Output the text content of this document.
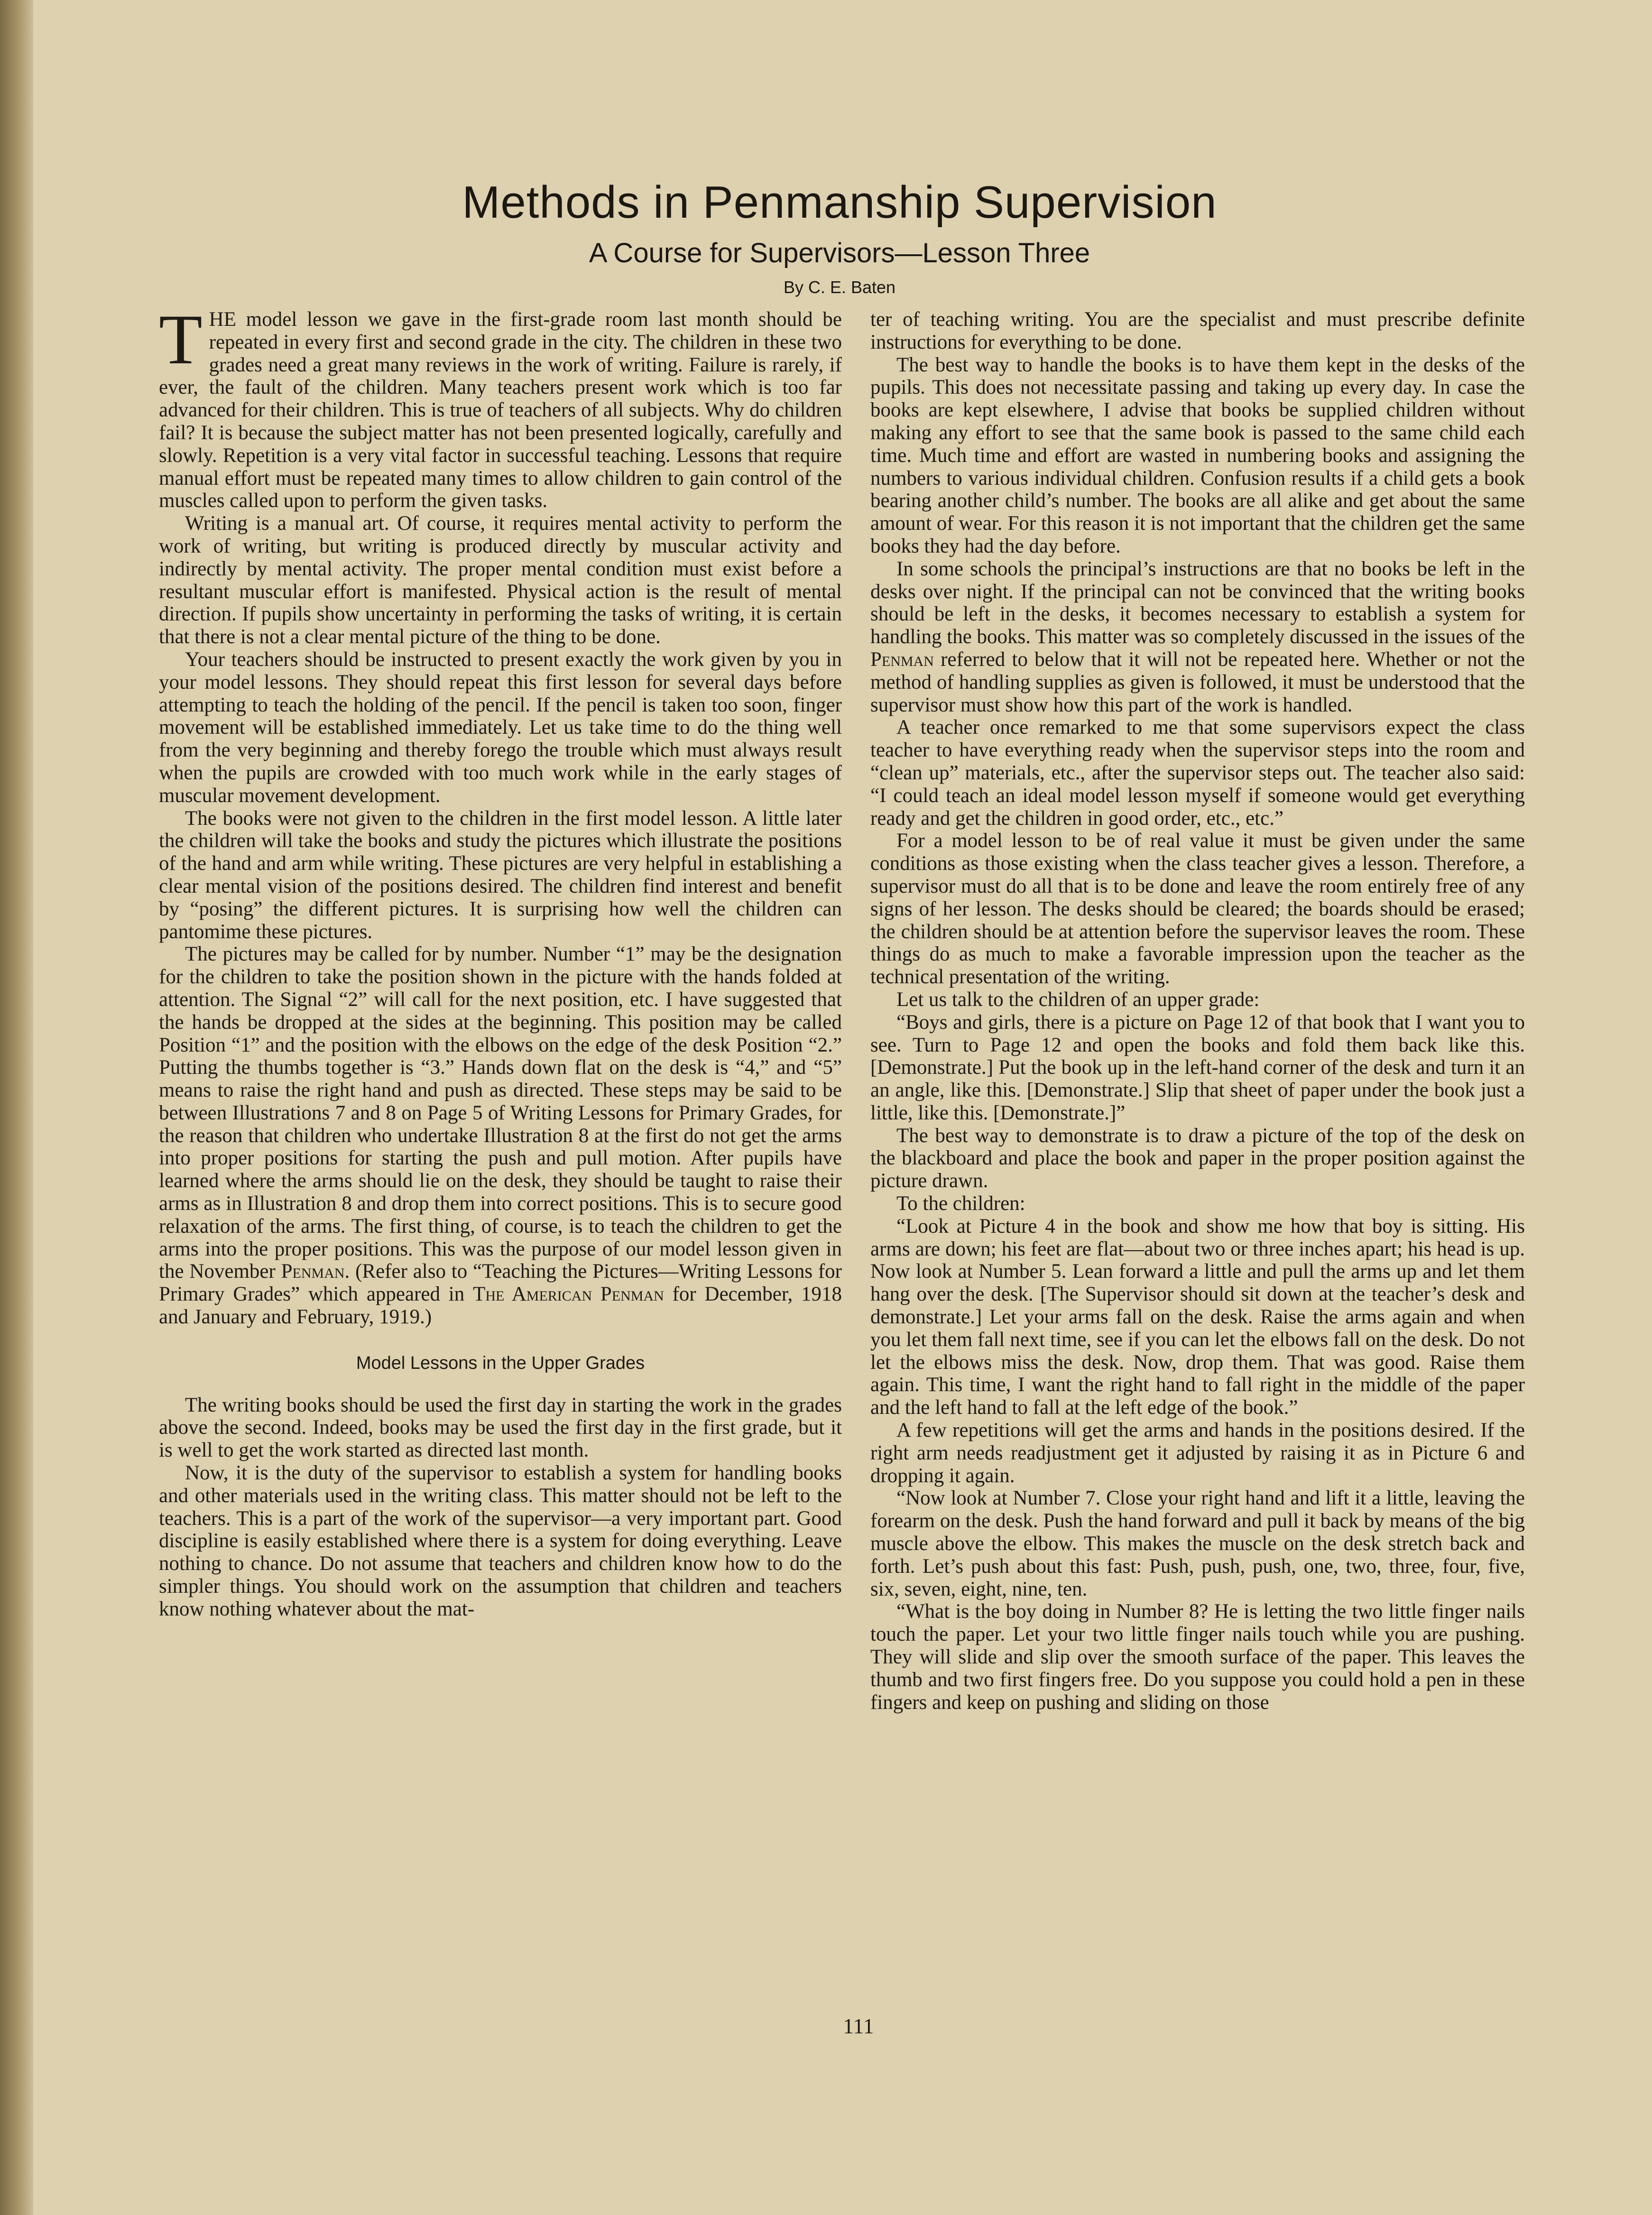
Methods in Penmanship Supervision

A Course for Supervisors—Lesson Three

By C. E. Baten

THE model lesson we gave in the first-grade room last month should be repeated in every first and second grade in the city. The children in these two grades need a great many reviews in the work of writing. Failure is rarely, if ever, the fault of the children. Many teachers present work which is too far advanced for their children. This is true of teachers of all subjects. Why do children fail? It is because the subject matter has not been presented logically, carefully and slowly. Repetition is a very vital factor in successful teaching. Lessons that require manual effort must be repeated many times to allow children to gain control of the muscles called upon to perform the given tasks.

Writing is a manual art. Of course, it requires mental activity to perform the work of writing, but writing is produced directly by muscular activity and indirectly by mental activity. The proper mental condition must exist before a resultant muscular effort is manifested. Physical action is the result of mental direction. If pupils show uncertainty in performing the tasks of writing, it is certain that there is not a clear mental picture of the thing to be done.

Your teachers should be instructed to present exactly the work given by you in your model lessons. They should repeat this first lesson for several days before attempting to teach the holding of the pencil. If the pencil is taken too soon, finger movement will be established immediately. Let us take time to do the thing well from the very beginning and thereby forego the trouble which must always result when the pupils are crowded with too much work while in the early stages of muscular movement development.

The books were not given to the children in the first model lesson. A little later the children will take the books and study the pictures which illustrate the positions of the hand and arm while writing. These pictures are very helpful in establishing a clear mental vision of the positions desired. The children find interest and benefit by “posing” the different pictures. It is surprising how well the children can pantomime these pictures.

The pictures may be called for by number. Number “1” may be the designation for the children to take the position shown in the picture with the hands folded at attention. The Signal “2” will call for the next position, etc. I have suggested that the hands be dropped at the sides at the beginning. This position may be called Position “1” and the position with the elbows on the edge of the desk Position “2.” Putting the thumbs together is “3.” Hands down flat on the desk is “4,” and “5” means to raise the right hand and push as directed. These steps may be said to be between Illustrations 7 and 8 on Page 5 of Writing Lessons for Primary Grades, for the reason that children who undertake Illustration 8 at the first do not get the arms into proper positions for starting the push and pull motion. After pupils have learned where the arms should lie on the desk, they should be taught to raise their arms as in Illustration 8 and drop them into correct positions. This is to secure good relaxation of the arms. The first thing, of course, is to teach the children to get the arms into the proper positions. This was the purpose of our model lesson given in the November Penman. (Refer also to “Teaching the Pictures—Writing Lessons for Primary Grades” which appeared in The American Penman for December, 1918 and January and February, 1919.)

Model Lessons in the Upper Grades

The writing books should be used the first day in starting the work in the grades above the second. Indeed, books may be used the first day in the first grade, but it is well to get the work started as directed last month.

Now, it is the duty of the supervisor to establish a system for handling books and other materials used in the writing class. This matter should not be left to the teachers. This is a part of the work of the supervisor—a very important part. Good discipline is easily established where there is a system for doing everything. Leave nothing to chance. Do not assume that teachers and children know how to do the simpler things. You should work on the assumption that children and teachers know nothing whatever about the mat-

ter of teaching writing. You are the specialist and must prescribe definite instructions for everything to be done.

The best way to handle the books is to have them kept in the desks of the pupils. This does not necessitate passing and taking up every day. In case the books are kept elsewhere, I advise that books be supplied children without making any effort to see that the same book is passed to the same child each time. Much time and effort are wasted in numbering books and assigning the numbers to various individual children. Confusion results if a child gets a book bearing another child’s number. The books are all alike and get about the same amount of wear. For this reason it is not important that the children get the same books they had the day before.

In some schools the principal’s instructions are that no books be left in the desks over night. If the principal can not be convinced that the writing books should be left in the desks, it becomes necessary to establish a system for handling the books. This matter was so completely discussed in the issues of the Penman referred to below that it will not be repeated here. Whether or not the method of handling supplies as given is followed, it must be understood that the supervisor must show how this part of the work is handled.

A teacher once remarked to me that some supervisors expect the class teacher to have everything ready when the supervisor steps into the room and “clean up” materials, etc., after the supervisor steps out. The teacher also said: “I could teach an ideal model lesson myself if someone would get everything ready and get the children in good order, etc., etc.”

For a model lesson to be of real value it must be given under the same conditions as those existing when the class teacher gives a lesson. Therefore, a supervisor must do all that is to be done and leave the room entirely free of any signs of her lesson. The desks should be cleared; the boards should be erased; the children should be at attention before the supervisor leaves the room. These things do as much to make a favorable impression upon the teacher as the technical presentation of the writing.

Let us talk to the children of an upper grade:

“Boys and girls, there is a picture on Page 12 of that book that I want you to see. Turn to Page 12 and open the books and fold them back like this. [Demonstrate.] Put the book up in the left-hand corner of the desk and turn it an an angle, like this. [Demonstrate.] Slip that sheet of paper under the book just a little, like this. [Demonstrate.]”

The best way to demonstrate is to draw a picture of the top of the desk on the blackboard and place the book and paper in the proper position against the picture drawn.

To the children:

“Look at Picture 4 in the book and show me how that boy is sitting. His arms are down; his feet are flat—about two or three inches apart; his head is up. Now look at Number 5. Lean forward a little and pull the arms up and let them hang over the desk. [The Supervisor should sit down at the teacher’s desk and demonstrate.] Let your arms fall on the desk. Raise the arms again and when you let them fall next time, see if you can let the elbows fall on the desk. Do not let the elbows miss the desk. Now, drop them. That was good. Raise them again. This time, I want the right hand to fall right in the middle of the paper and the left hand to fall at the left edge of the book.”

A few repetitions will get the arms and hands in the positions desired. If the right arm needs readjustment get it adjusted by raising it as in Picture 6 and dropping it again.

“Now look at Number 7. Close your right hand and lift it a little, leaving the forearm on the desk. Push the hand forward and pull it back by means of the big muscle above the elbow. This makes the muscle on the desk stretch back and forth. Let’s push about this fast: Push, push, push, one, two, three, four, five, six, seven, eight, nine, ten.

“What is the boy doing in Number 8? He is letting the two little finger nails touch the paper. Let your two little finger nails touch while you are pushing. They will slide and slip over the smooth surface of the paper. This leaves the thumb and two first fingers free. Do you suppose you could hold a pen in these fingers and keep on pushing and sliding on those

111
